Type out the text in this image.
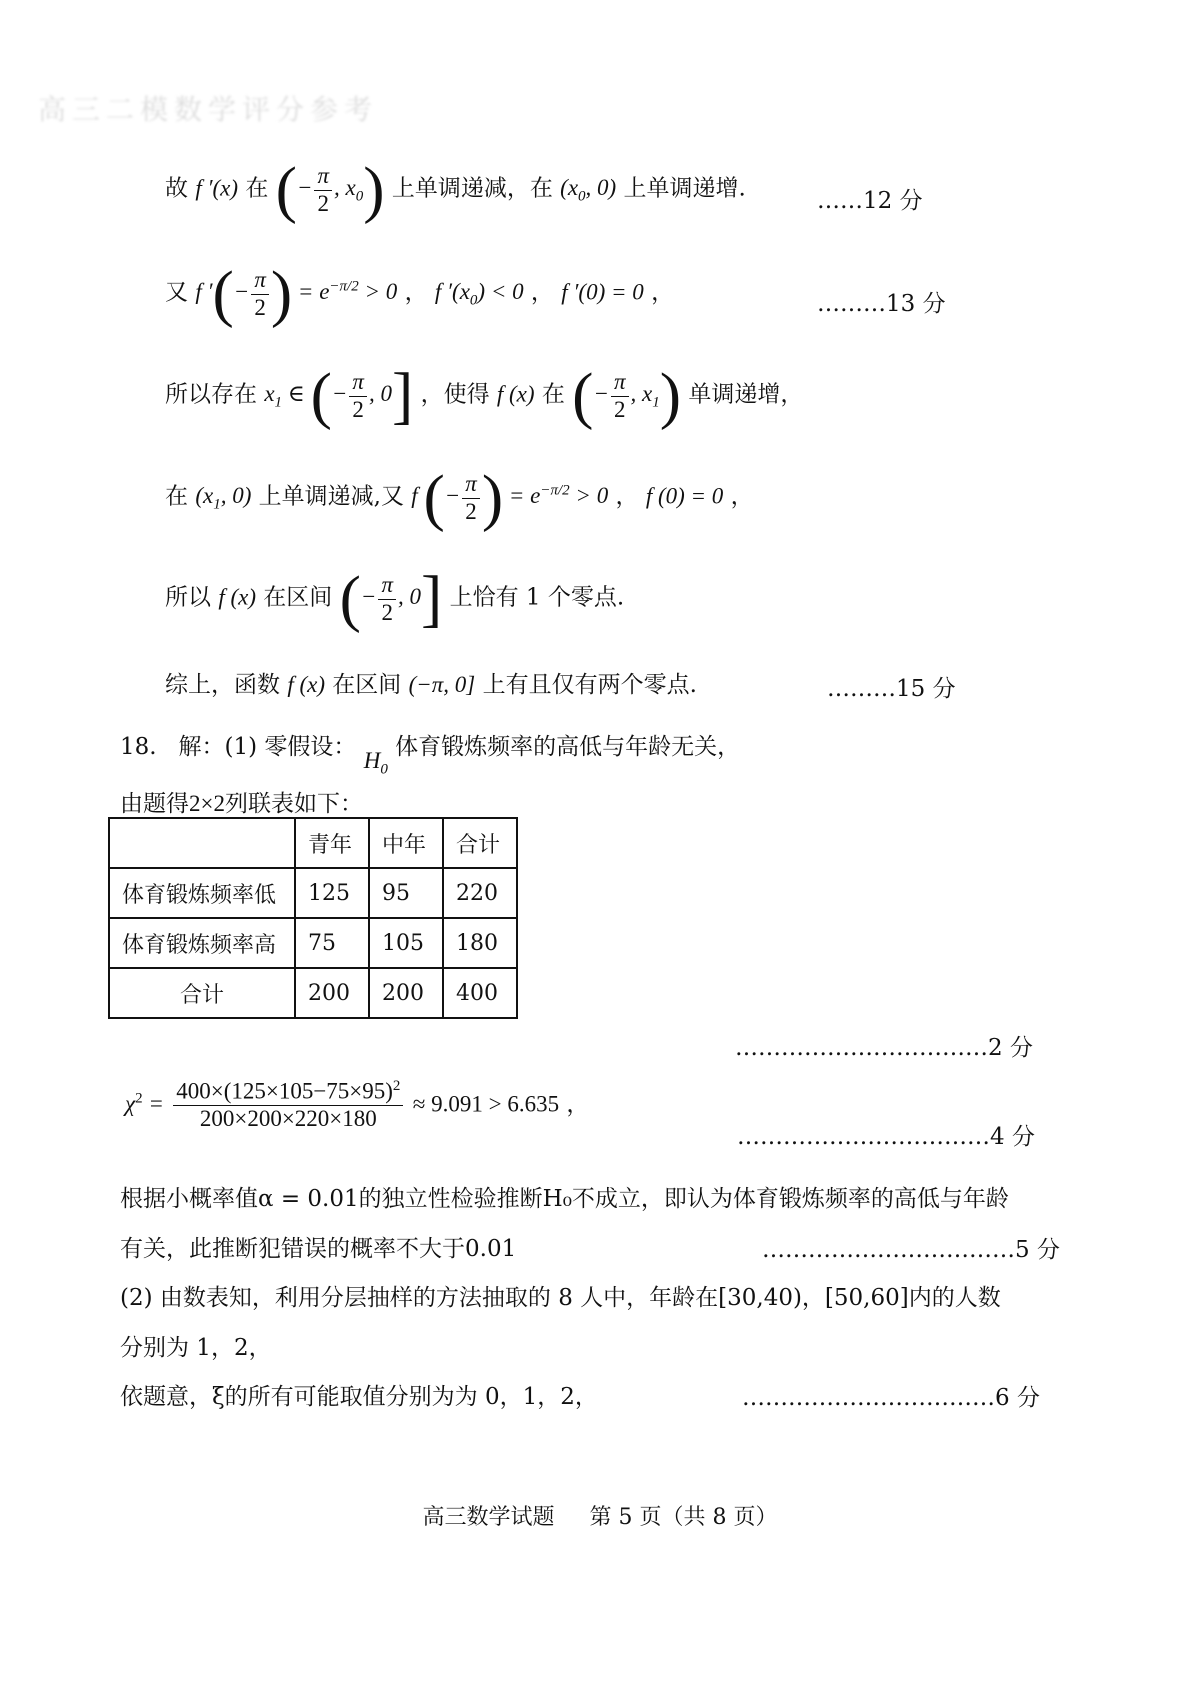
高三二模数学评分参考
故 f ′(x) 在 (− $\frac{\pi}{2}$ , $x_0$) 上单调递减，在 ($x_0$, 0) 上单调递增.	……12 分
又 f ′(− $\frac{\pi}{2}$ ) = $e^{-\pi/2} > 0$ ， f $'(x_0) < 0$ ， f ′(0) = 0 ，	………13 分
所以存在 $x_1$ ∈ (− $\frac{\pi}{2}$ , 0] ，使得 f (x) 在 (− $\frac{\pi}{2}$ , $x_1$) 单调递增，
在 ($x_1$, 0) 上单调递减,又 f (− $\frac{\pi}{2}$ ) = $e^{-\pi/2} > 0$ ， f (0) = 0 ，
所以 f (x) 在区间 (− $\frac{\pi}{2}$ , 0] 上恰有 1 个零点.
综上，函数 f (x) 在区间 (−π, 0] 上有且仅有两个零点.	………15 分
18. 解：(1) 零假设： $H_0$ 体育锻炼频率的高低与年龄无关，
由题得2×2列联表如下：
	青年	中年	合计
体育锻炼频率低	125	95	220
体育锻炼频率高	75	105	180
合计	200	200	400
……………………………2 分
$\chi^2 = \frac{400\times(125\times 105-75\times 95)^2}{200\times 200\times 220\times 180} \approx 9.091 > 6.635$ ，
……………………………4 分
根据小概率值α = 0.01的独立性检验推断H₀不成立，即认为体育锻炼频率的高低与年龄
有关，此推断犯错误的概率不大于0.01	……………………………5 分
(2) 由数表知，利用分层抽样的方法抽取的 8 人中，年龄在[30,40)，[50,60]内的人数
分别为 1，2，
依题意，ξ的所有可能取值分别为为 0，1，2，	……………………………6 分
高三数学试题 第 5 页（共 8 页）
